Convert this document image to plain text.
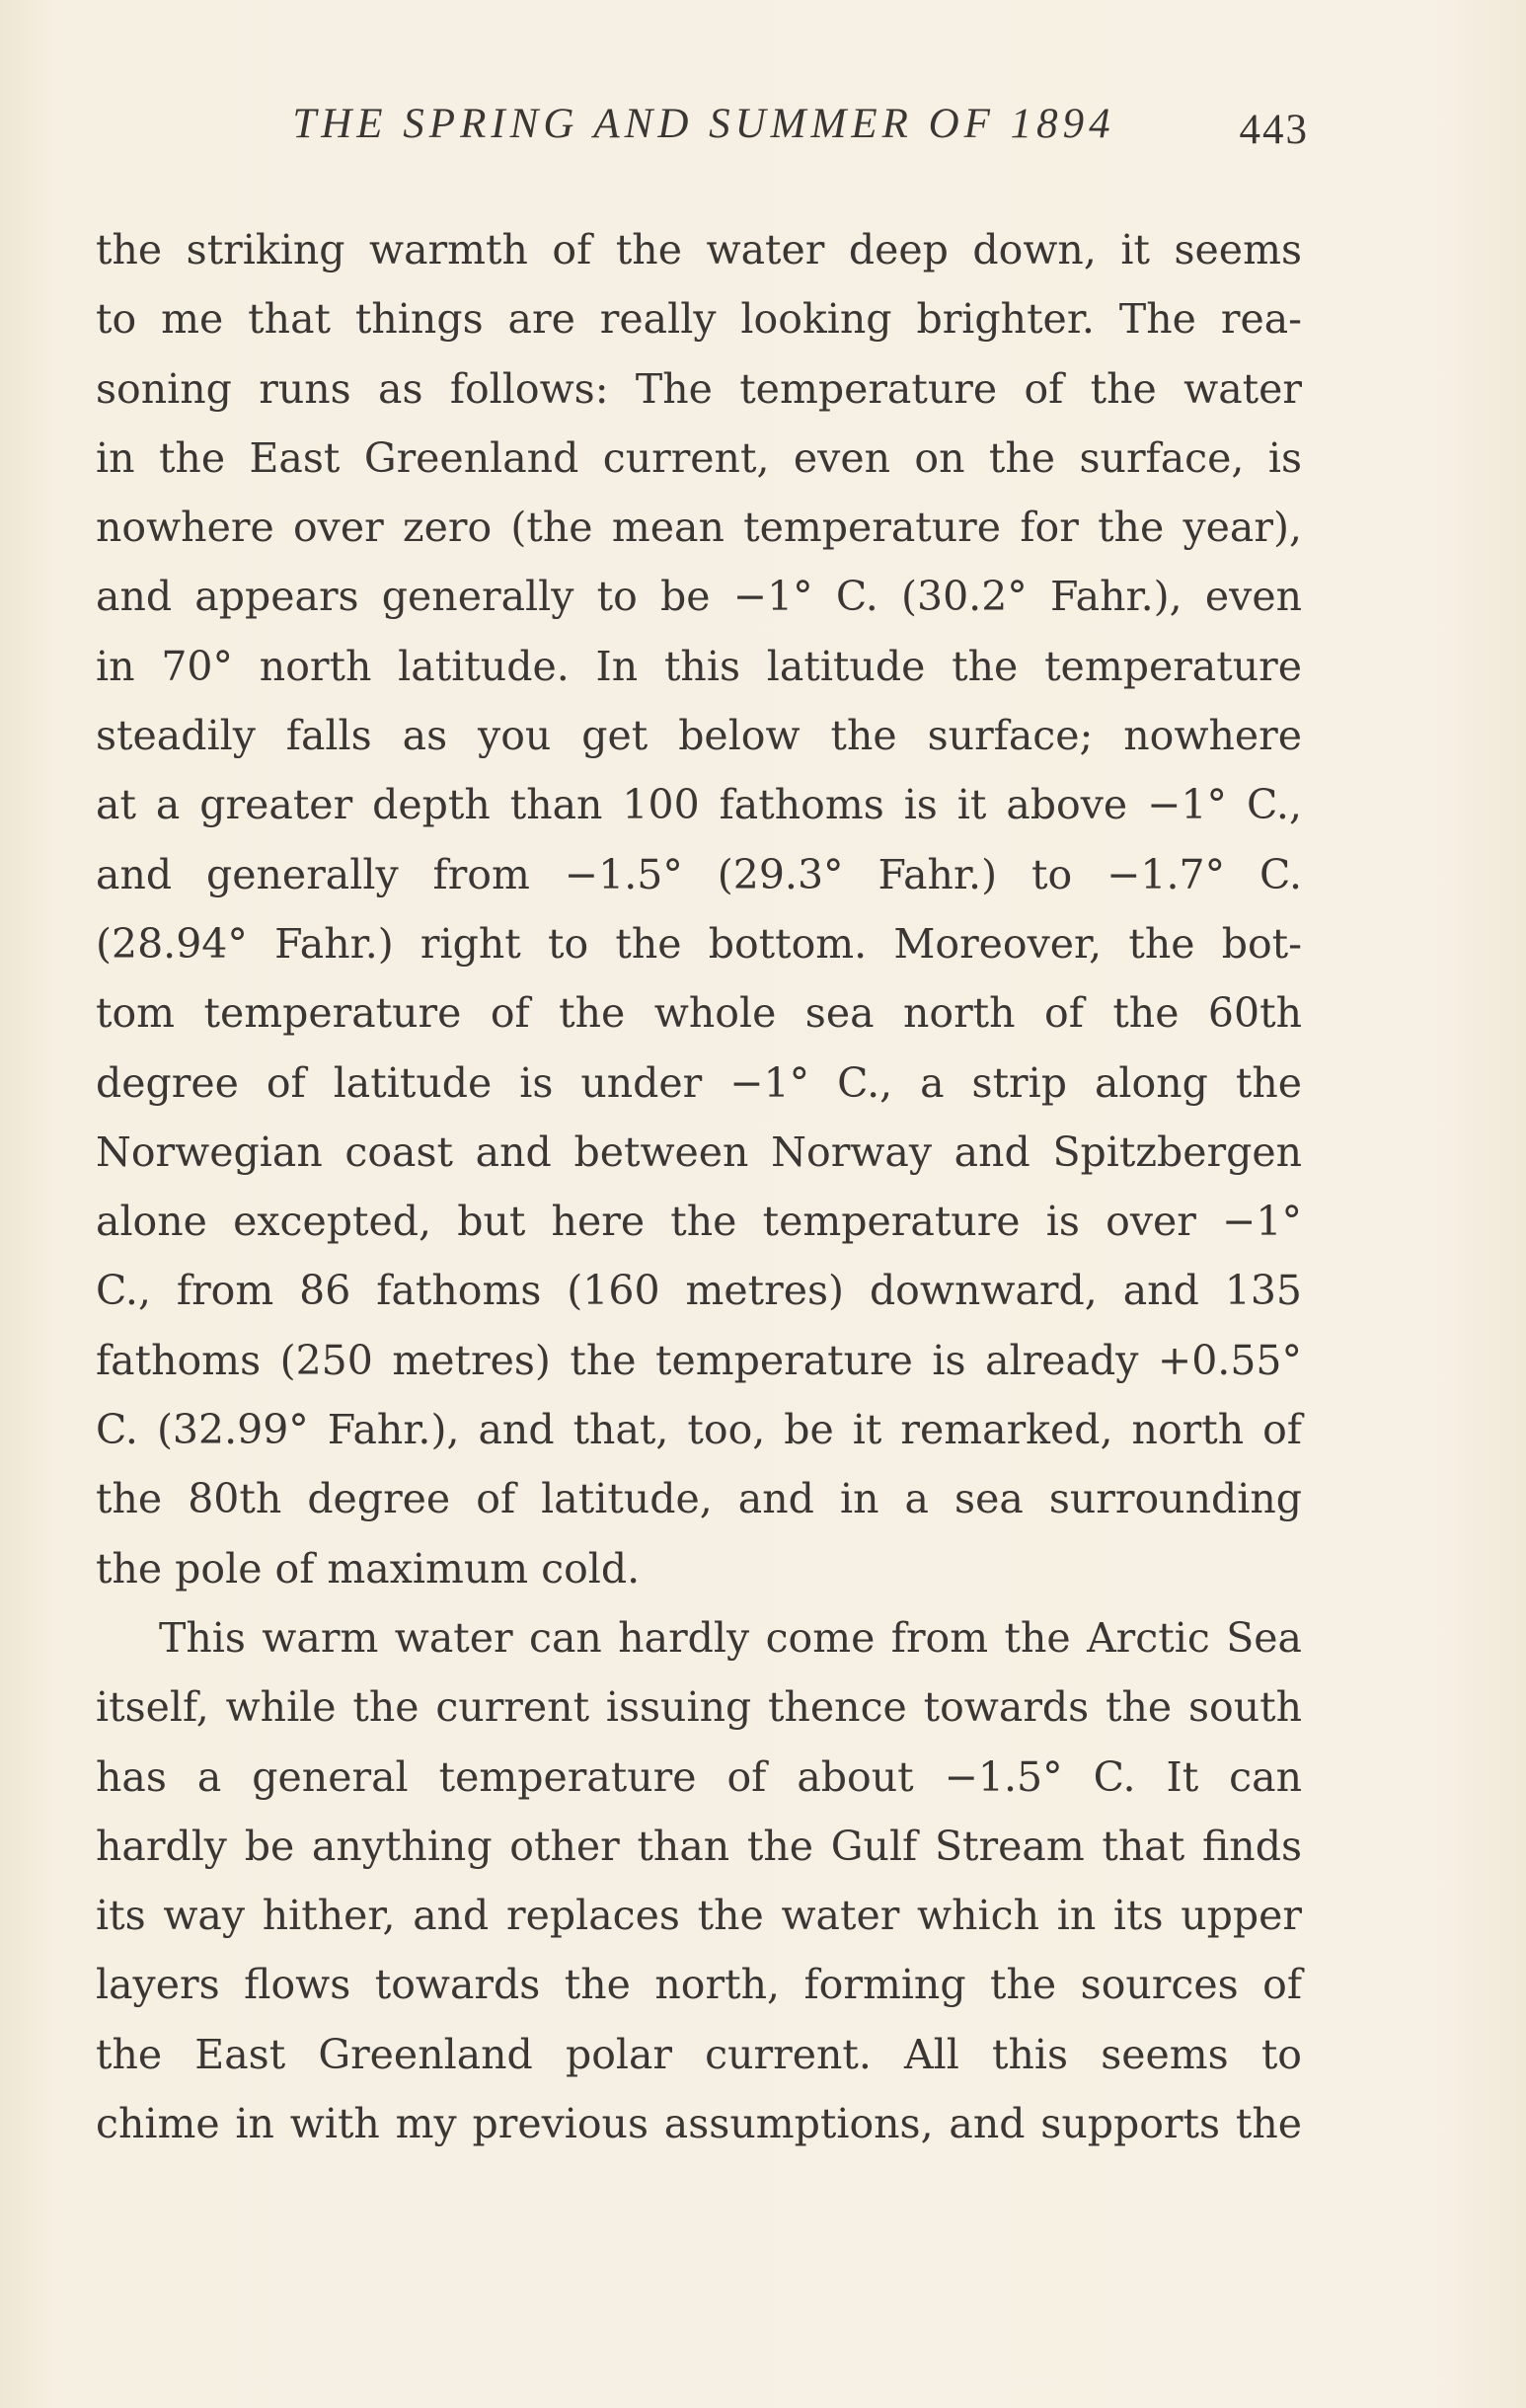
THE SPRING AND SUMMER OF 1894	443
the striking warmth of the water deep down, it seems
to me that things are really looking brighter. The rea-
soning runs as follows: The temperature of the water
in the East Greenland current, even on the surface, is
nowhere over zero (the mean temperature for the year),
and appears generally to be −1° C. (30.2° Fahr.), even
in 70° north latitude. In this latitude the temperature
steadily falls as you get below the surface; nowhere
at a greater depth than 100 fathoms is it above −1° C.,
and generally from −1.5° (29.3° Fahr.) to −1.7° C.
(28.94° Fahr.) right to the bottom. Moreover, the bot-
tom temperature of the whole sea north of the 60th
degree of latitude is under −1° C., a strip along the
Norwegian coast and between Norway and Spitzbergen
alone excepted, but here the temperature is over −1°
C., from 86 fathoms (160 metres) downward, and 135
fathoms (250 metres) the temperature is already +0.55°
C. (32.99° Fahr.), and that, too, be it remarked, north of
the 80th degree of latitude, and in a sea surrounding
the pole of maximum cold.
This warm water can hardly come from the Arctic Sea
itself, while the current issuing thence towards the south
has a general temperature of about −1.5° C. It can
hardly be anything other than the Gulf Stream that finds
its way hither, and replaces the water which in its upper
layers flows towards the north, forming the sources of
the East Greenland polar current. All this seems to
chime in with my previous assumptions, and supports the
